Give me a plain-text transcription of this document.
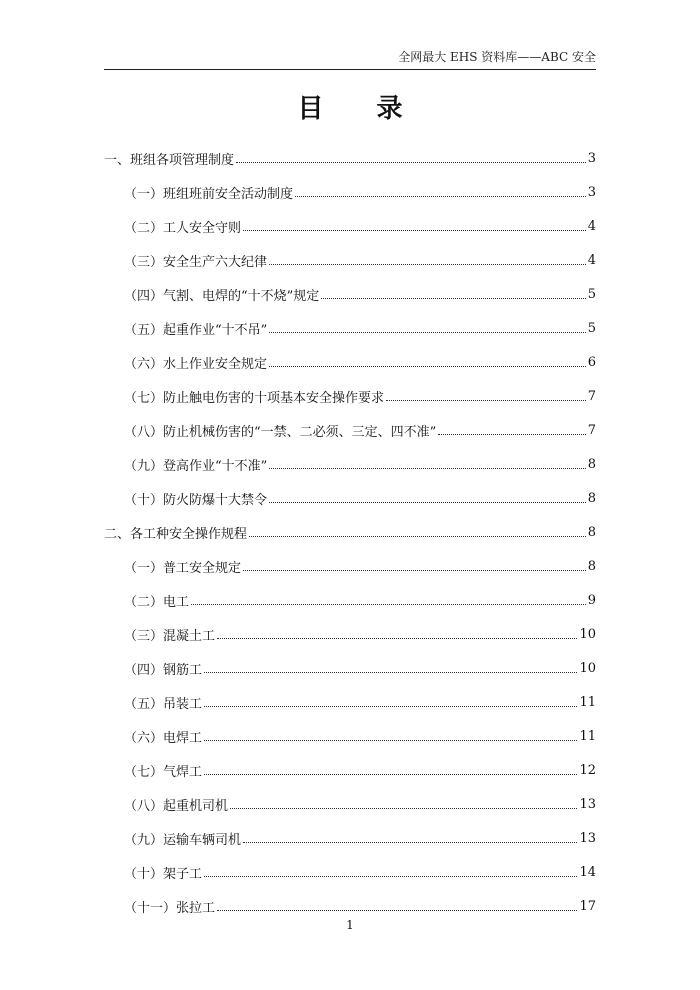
全网最大 EHS 资料库——ABC 安全
目 录
一、班组各项管理制度	3
（一）班组班前安全活动制度	3
（二）工人安全守则	4
（三）安全生产六大纪律	4
（四）气割、电焊的“十不烧”规定	5
（五）起重作业“十不吊”	5
（六）水上作业安全规定	6
（七）防止触电伤害的十项基本安全操作要求	7
（八）防止机械伤害的“一禁、二必须、三定、四不准”	7
（九）登高作业“十不准”	8
（十）防火防爆十大禁令	8
二、各工种安全操作规程	8
（一）普工安全规定	8
（二）电工	9
（三）混凝土工	10
（四）钢筋工	10
（五）吊装工	11
（六）电焊工	11
（七）气焊工	12
（八）起重机司机	13
（九）运输车辆司机	13
（十）架子工	14
（十一）张拉工	17
1
